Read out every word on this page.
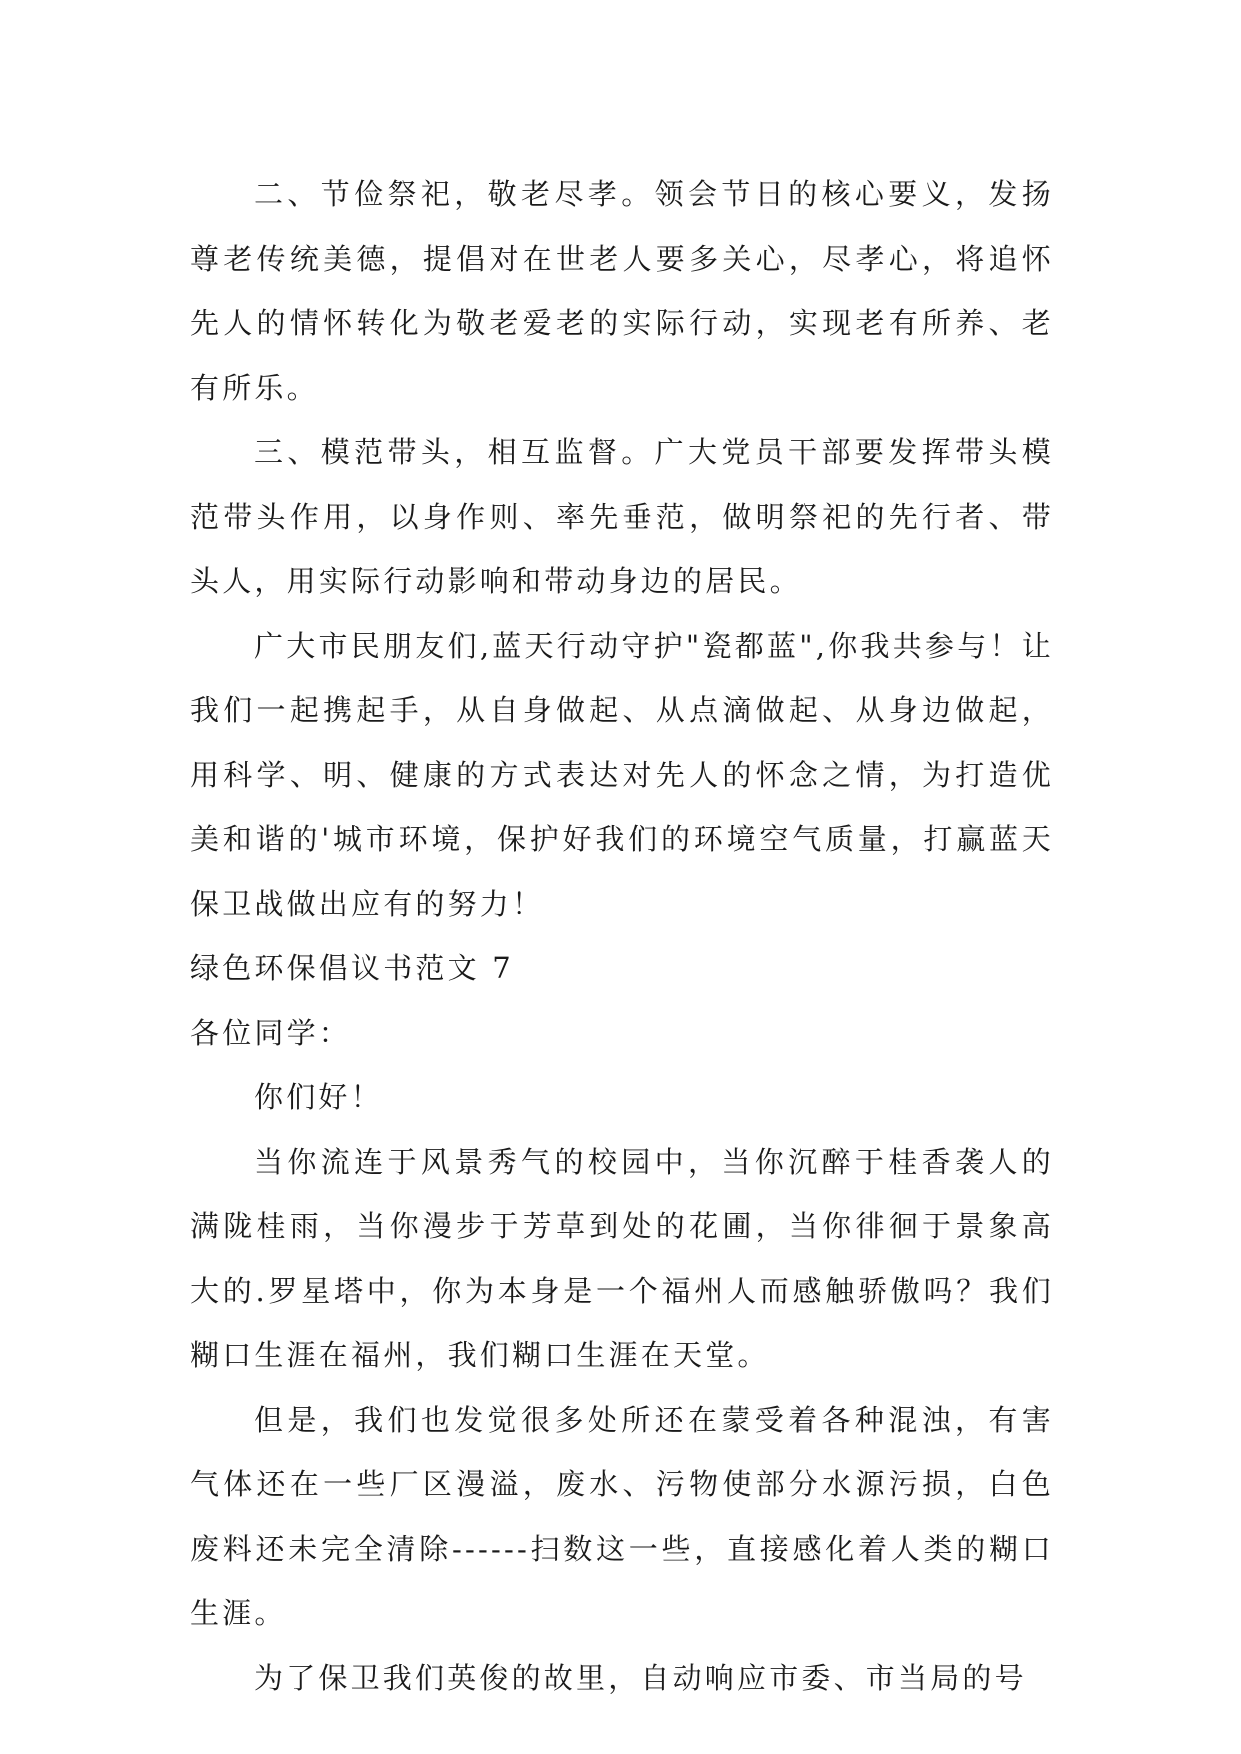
二、节俭祭祀，敬老尽孝。领会节日的核心要义，发扬尊老传统美德，提倡对在世老人要多关心，尽孝心，将追怀先人的情怀转化为敬老爱老的实际行动，实现老有所养、老有所乐。

三、模范带头，相互监督。广大党员干部要发挥带头模范带头作用，以身作则、率先垂范，做明祭祀的先行者、带头人，用实际行动影响和带动身边的居民。

广大市民朋友们,蓝天行动守护"瓷都蓝",你我共参与！让我们一起携起手，从自身做起、从点滴做起、从身边做起，用科学、明、健康的方式表达对先人的怀念之情，为打造优美和谐的'城市环境，保护好我们的环境空气质量，打赢蓝天保卫战做出应有的努力！

绿色环保倡议书范文 7

各位同学：

你们好！

当你流连于风景秀气的校园中，当你沉醉于桂香袭人的满陇桂雨，当你漫步于芳草到处的花圃，当你徘徊于景象高大的.罗星塔中，你为本身是一个福州人而感触骄傲吗？我们糊口生涯在福州，我们糊口生涯在天堂。

但是，我们也发觉很多处所还在蒙受着各种混浊，有害气体还在一些厂区漫溢，废水、污物使部分水源污损，白色废料还未完全清除------扫数这一些，直接感化着人类的糊口生涯。

为了保卫我们英俊的故里，自动响应市委、市当局的号
